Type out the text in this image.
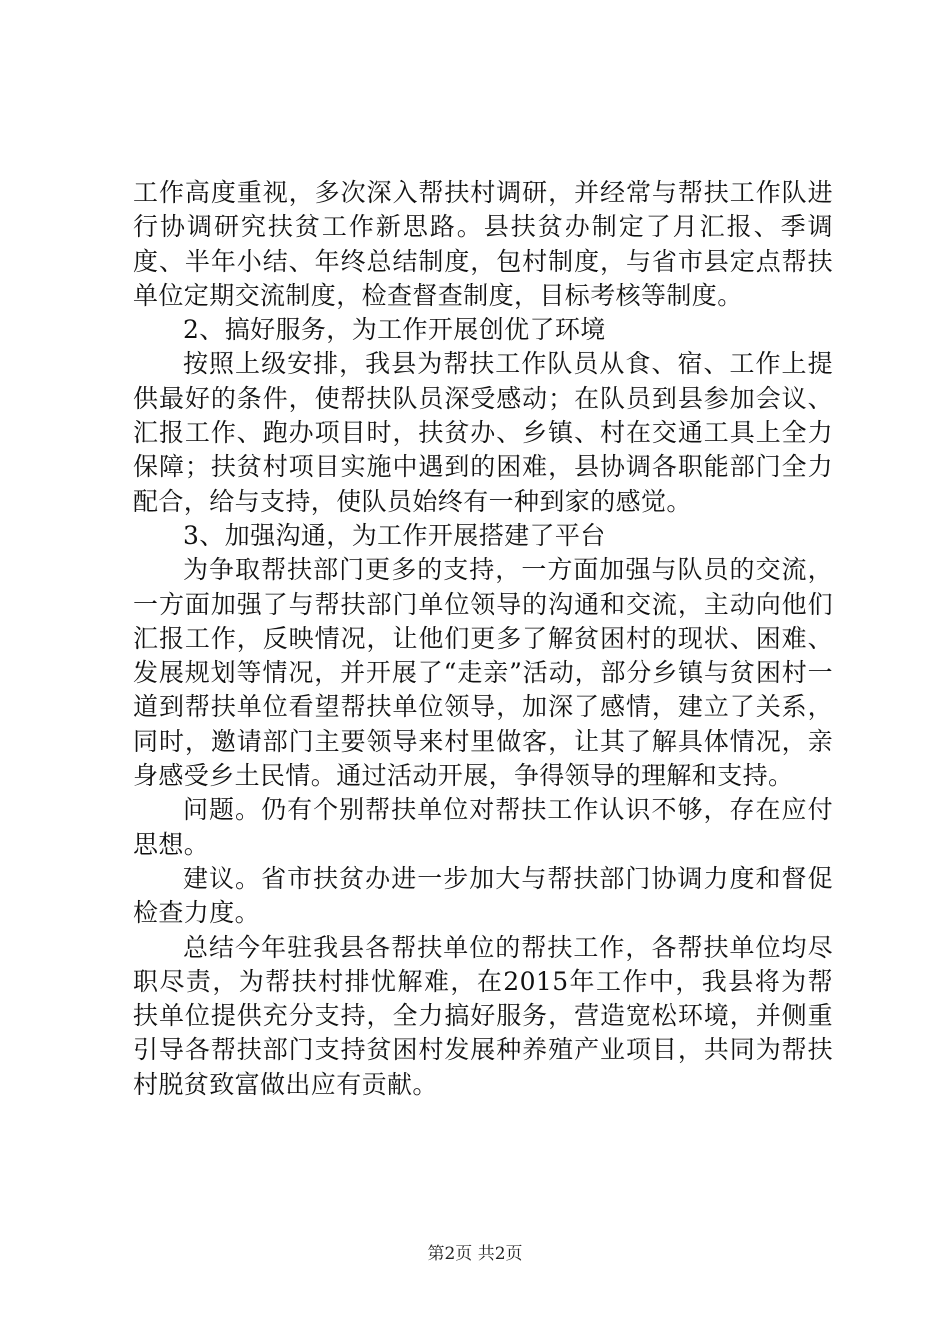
工作高度重视，多次深入帮扶村调研，并经常与帮扶工作队进行协调研究扶贫工作新思路。县扶贫办制定了月汇报、季调度、半年小结、年终总结制度，包村制度，与省市县定点帮扶单位定期交流制度，检查督查制度，目标考核等制度。

2、搞好服务，为工作开展创优了环境

按照上级安排，我县为帮扶工作队员从食、宿、工作上提供最好的条件，使帮扶队员深受感动；在队员到县参加会议、汇报工作、跑办项目时，扶贫办、乡镇、村在交通工具上全力保障；扶贫村项目实施中遇到的困难，县协调各职能部门全力配合，给与支持，使队员始终有一种到家的感觉。

3、加强沟通，为工作开展搭建了平台

为争取帮扶部门更多的支持，一方面加强与队员的交流，一方面加强了与帮扶部门单位领导的沟通和交流，主动向他们汇报工作，反映情况，让他们更多了解贫困村的现状、困难、发展规划等情况，并开展了“走亲”活动，部分乡镇与贫困村一道到帮扶单位看望帮扶单位领导，加深了感情，建立了关系，同时，邀请部门主要领导来村里做客，让其了解具体情况，亲身感受乡土民情。通过活动开展，争得领导的理解和支持。

问题。仍有个别帮扶单位对帮扶工作认识不够，存在应付思想。

建议。省市扶贫办进一步加大与帮扶部门协调力度和督促检查力度。

总结今年驻我县各帮扶单位的帮扶工作，各帮扶单位均尽职尽责，为帮扶村排忧解难，在2015年工作中，我县将为帮扶单位提供充分支持，全力搞好服务，营造宽松环境，并侧重引导各帮扶部门支持贫困村发展种养殖产业项目，共同为帮扶村脱贫致富做出应有贡献。

第2页 共2页
